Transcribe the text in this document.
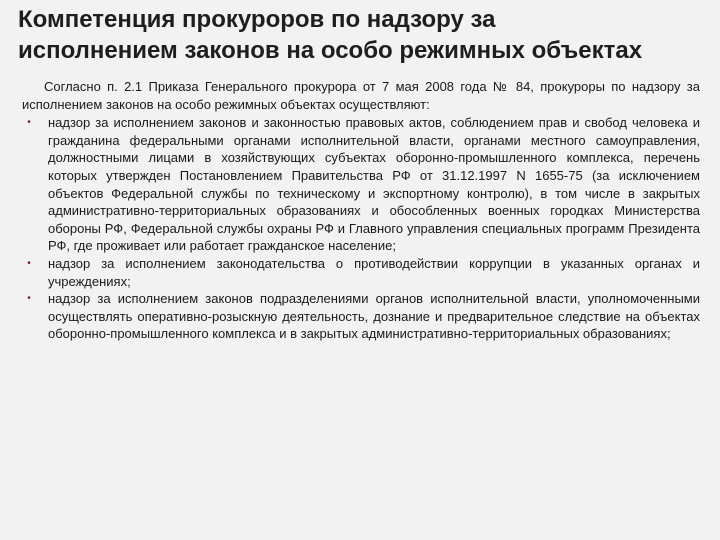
Компетенция прокуроров по надзору за
исполнением законов на особо режимных объектах

Согласно п. 2.1 Приказа Генерального прокурора от 7 мая 2008 года № 84, прокуроры по надзору за исполнением законов на особо режимных объектах осуществляют:

•	надзор за исполнением законов и законностью правовых актов, соблюдением прав и свобод человека и гражданина федеральными органами исполнительной власти, органами местного самоуправления, должностными лицами в хозяйствующих субъектах оборонно-промышленного комплекса, перечень которых утвержден Постановлением Правительства РФ от 31.12.1997 N 1655-75 (за исключением объектов Федеральной службы по техническому и экспортному контролю), в том числе в закрытых административно-территориальных образованиях и обособленных военных городках Министерства обороны РФ, Федеральной службы охраны РФ и Главного управления специальных программ Президента РФ, где проживает или работает гражданское население;
•	надзор за исполнением законодательства о противодействии коррупции в указанных органах и учреждениях;
•	надзор за исполнением законов подразделениями органов исполнительной власти, уполномоченными осуществлять оперативно-розыскную деятельность, дознание и предварительное следствие на объектах оборонно-промышленного комплекса и в закрытых административно-территориальных образованиях;
